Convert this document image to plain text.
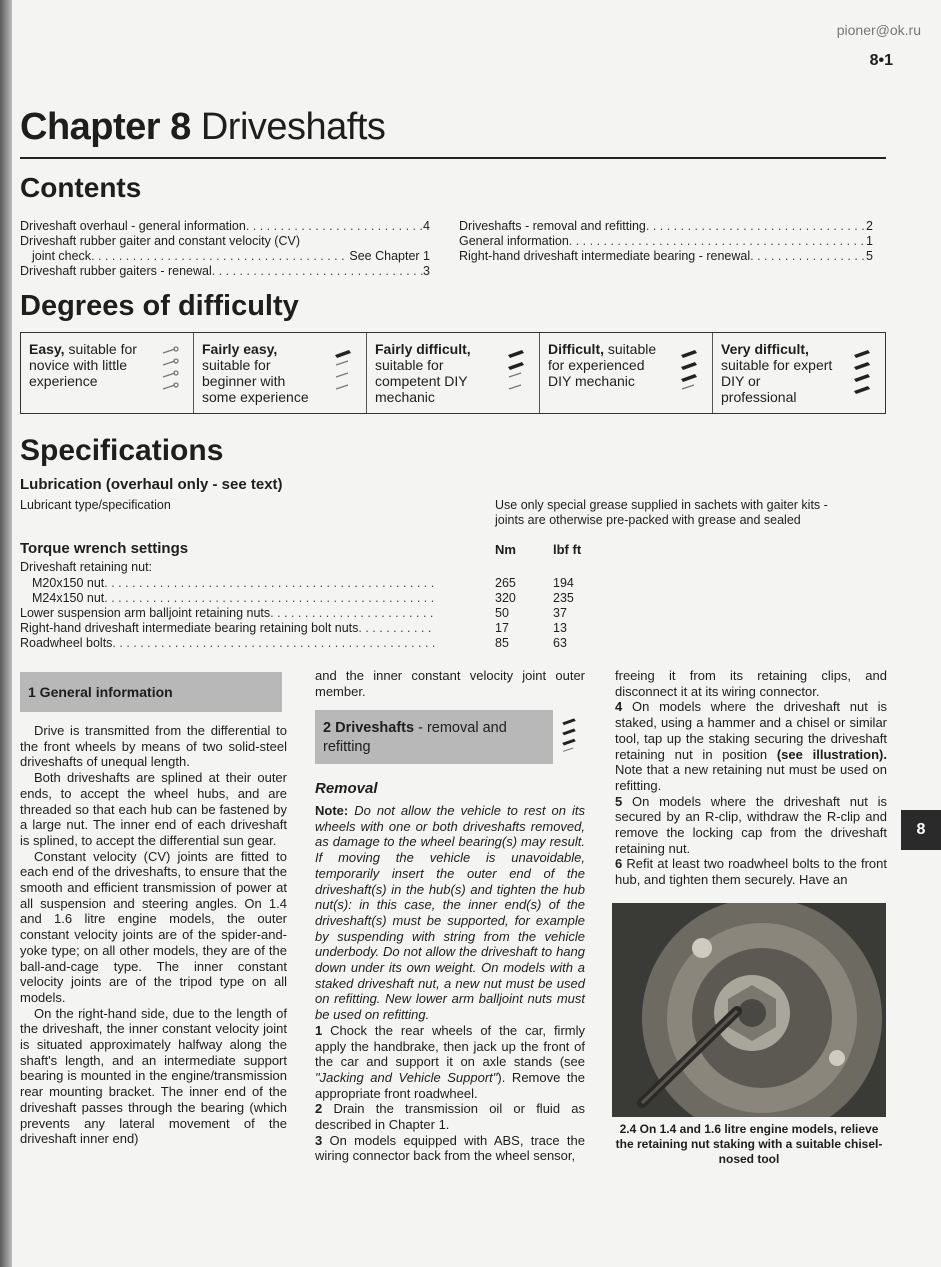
pioner@ok.ru
8•1
Chapter 8 Driveshafts
Contents
Driveshaft overhaul - general information . . .	4
Driveshaft rubber gaiter and constant velocity (CV)
joint check . . .	See Chapter 1
Driveshaft rubber gaiters - renewal . . .	3
Driveshafts - removal and refitting . . .	2
General information . . .	1
Right-hand driveshaft intermediate bearing - renewal . . .	5
Degrees of difficulty
Easy, suitable for
novice with little
experience
Fairly easy,
suitable for
beginner with
some experience
Fairly difficult,
suitable for
competent DIY
mechanic
Difficult, suitable
for experienced
DIY mechanic
Very difficult,
suitable for expert
DIY or
professional
Specifications
Lubrication (overhaul only - see text)
Lubricant type/specification	Use only special grease supplied in sachets with gaiter kits -
joints are otherwise pre-packed with grease and sealed
Torque wrench settings	Nm	lbf ft
Driveshaft retaining nut:
M20x150 nut . . .	265	194
M24x150 nut . . .	320	235
Lower suspension arm balljoint retaining nuts . . .	50	37
Right-hand driveshaft intermediate bearing retaining bolt nuts . . .	17	13
Roadwheel bolts . . .	85	63
1 General information

Drive is transmitted from the differential to the front wheels by means of two solid-steel driveshafts of unequal length.

Both driveshafts are splined at their outer ends, to accept the wheel hubs, and are threaded so that each hub can be fastened by a large nut. The inner end of each driveshaft is splined, to accept the differential sun gear.

Constant velocity (CV) joints are fitted to each end of the driveshafts, to ensure that the smooth and efficient transmission of power at all suspension and steering angles. On 1.4 and 1.6 litre engine models, the outer constant velocity joints are of the spider-and-yoke type; on all other models, they are of the ball-and-cage type. The inner constant velocity joints are of the tripod type on all models.

On the right-hand side, due to the length of the driveshaft, the inner constant velocity joint is situated approximately halfway along the shaft's length, and an intermediate support bearing is mounted in the engine/transmission rear mounting bracket. The inner end of the driveshaft passes through the bearing (which prevents any lateral movement of the driveshaft inner end)

and the inner constant velocity joint outer member.

2 Driveshafts - removal and refitting
Removal

Note: Do not allow the vehicle to rest on its wheels with one or both driveshafts removed, as damage to the wheel bearing(s) may result. If moving the vehicle is unavoidable, temporarily insert the outer end of the driveshaft(s) in the hub(s) and tighten the hub nut(s): in this case, the inner end(s) of the driveshaft(s) must be supported, for example by suspending with string from the vehicle underbody. Do not allow the driveshaft to hang down under its own weight. On models with a staked driveshaft nut, a new nut must be used on refitting. New lower arm balljoint nuts must be used on refitting.

1 Chock the rear wheels of the car, firmly apply the handbrake, then jack up the front of the car and support it on axle stands (see "Jacking and Vehicle Support"). Remove the appropriate front roadwheel.

2 Drain the transmission oil or fluid as described in Chapter 1.

3 On models equipped with ABS, trace the wiring connector back from the wheel sensor,

freeing it from its retaining clips, and disconnect it at its wiring connector.

4 On models where the driveshaft nut is staked, using a hammer and a chisel or similar tool, tap up the staking securing the driveshaft retaining nut in position (see illustration). Note that a new retaining nut must be used on refitting.

5 On models where the driveshaft nut is secured by an R-clip, withdraw the R-clip and remove the locking cap from the driveshaft retaining nut.

6 Refit at least two roadwheel bolts to the front hub, and tighten them securely. Have an

8
2.4 On 1.4 and 1.6 litre engine models, relieve the retaining nut staking with a suitable chisel-nosed tool
